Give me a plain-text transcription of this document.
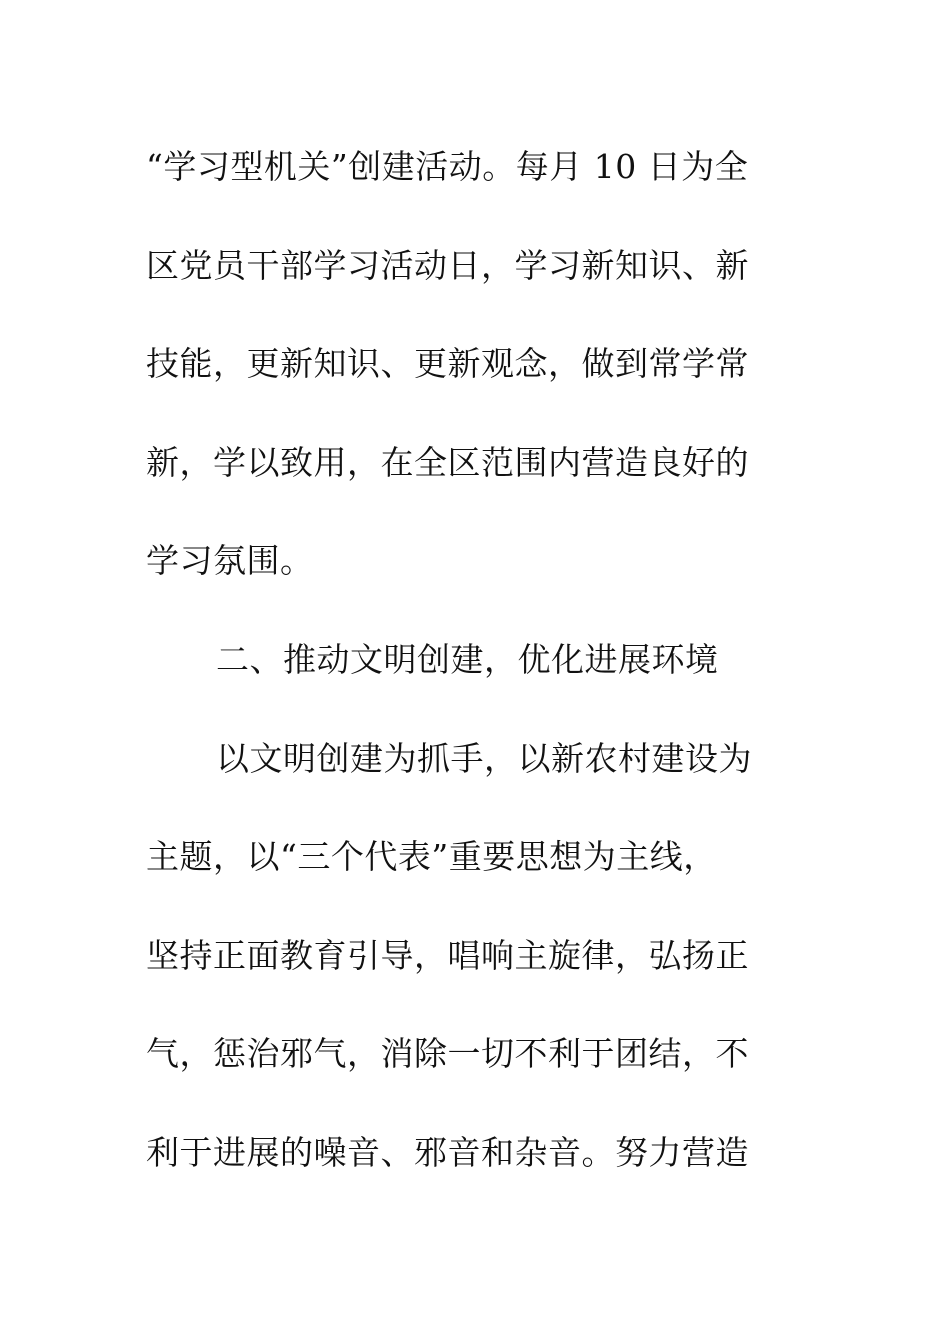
“学习型机关”创建活动。每月 10 日为全
区党员干部学习活动日，学习新知识、新
技能，更新知识、更新观念，做到常学常
新，学以致用，在全区范围内营造良好的
学习氛围。
二、推动文明创建，优化进展环境
以文明创建为抓手，以新农村建设为
主题，以“三个代表”重要思想为主线，
坚持正面教育引导，唱响主旋律，弘扬正
气，惩治邪气，消除一切不利于团结，不
利于进展的噪音、邪音和杂音。努力营造
